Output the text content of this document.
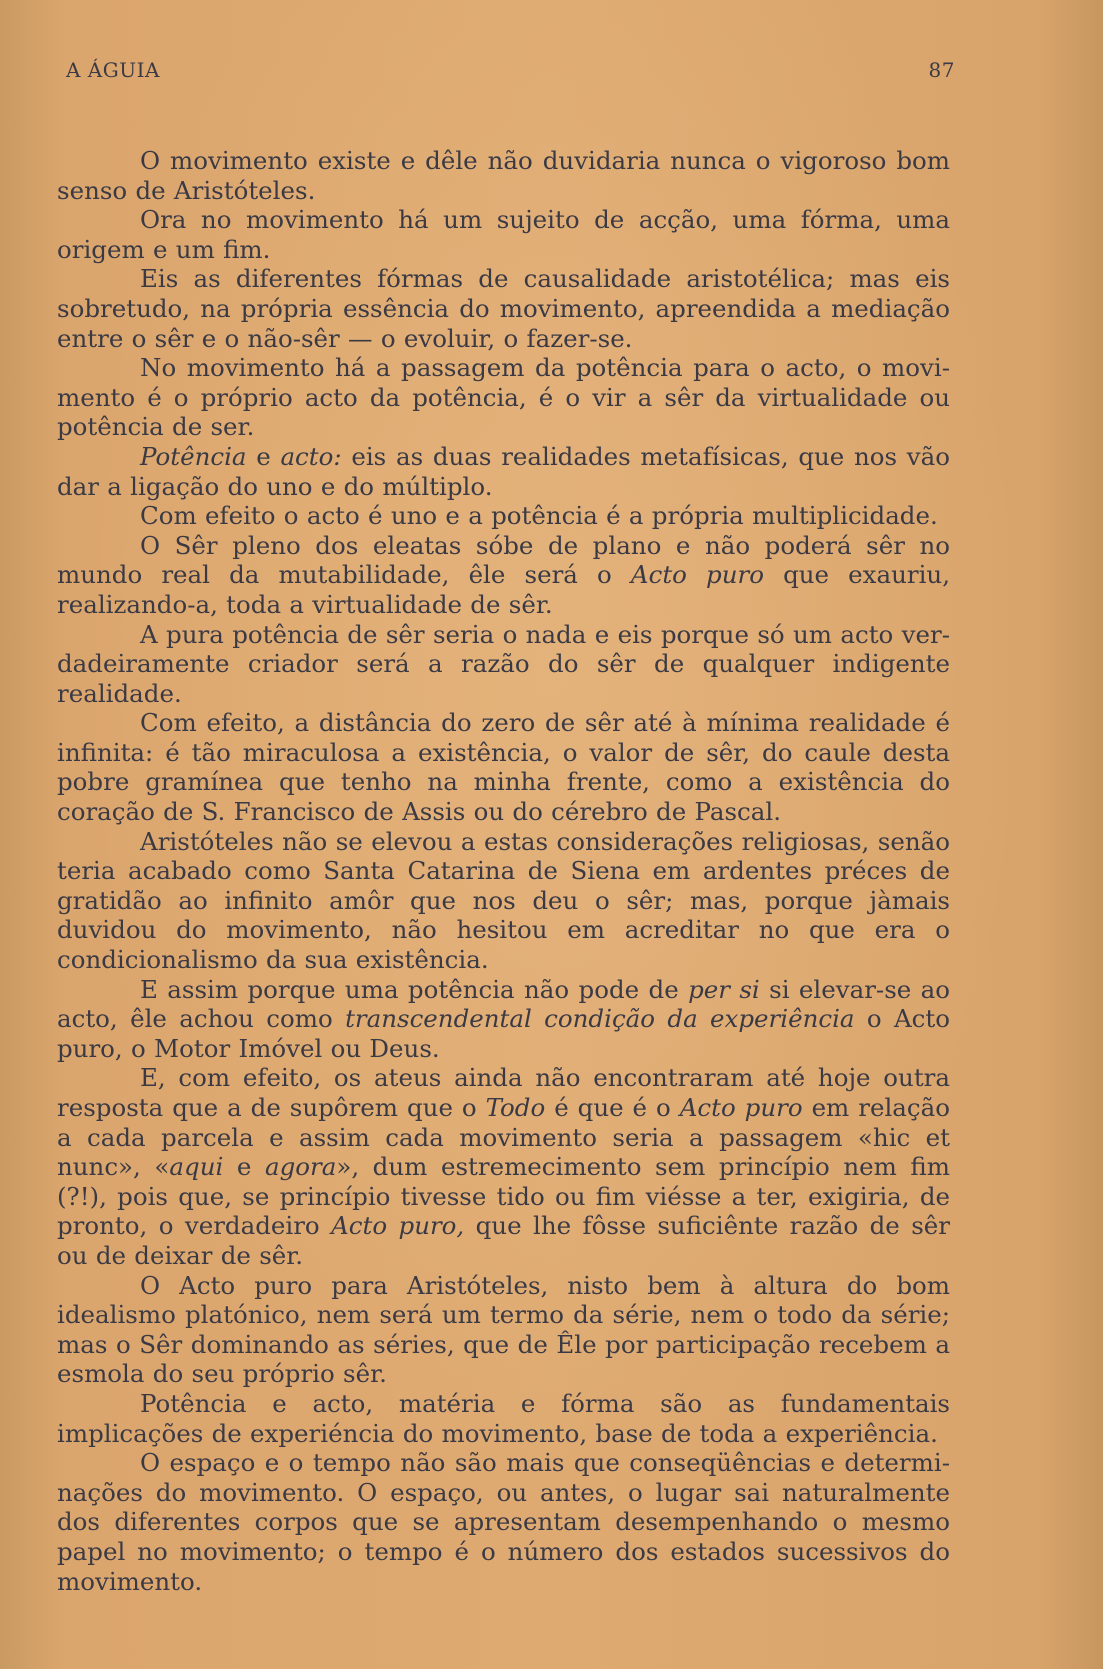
A ÁGUIA	87

O movimento existe e dêle não duvidaria nunca o vigoroso bom senso de Aristóteles.

Ora no movimento há um sujeito de acção, uma fórma, uma origem e um fim.

Eis as diferentes fórmas de causalidade aristotélica; mas eis sobretudo, na própria essência do movimento, apreendida a mediação entre o sêr e o não-sêr — o evoluir, o fazer-se.

No movimento há a passagem da potência para o acto, o movimento é o próprio acto da potência, é o vir a sêr da virtualidade ou potência de ser.

Potência e acto: eis as duas realidades metafísicas, que nos vão dar a ligação do uno e do múltiplo.

Com efeito o acto é uno e a potência é a própria multiplicidade.

O Sêr pleno dos eleatas sóbe de plano e não poderá sêr no mundo real da mutabilidade, êle será o Acto puro que exauriu, realizando-a, toda a virtualidade de sêr.

A pura potência de sêr seria o nada e eis porque só um acto verdadeiramente criador será a razão do sêr de qualquer indigente realidade.

Com efeito, a distância do zero de sêr até à mínima realidade é infinita: é tão miraculosa a existência, o valor de sêr, do caule desta pobre gramínea que tenho na minha frente, como a existência do coração de S. Francisco de Assis ou do cérebro de Pascal.

Aristóteles não se elevou a estas considerações religiosas, senão teria acabado como Santa Catarina de Siena em ardentes préces de gratidão ao infinito amôr que nos deu o sêr; mas, porque jàmais duvidou do movimento, não hesitou em acreditar no que era o condicionalismo da sua existência.

E assim porque uma potência não pode de per si si elevar-se ao acto, êle achou como transcendental condição da experiência o Acto puro, o Motor Imóvel ou Deus.

E, com efeito, os ateus ainda não encontraram até hoje outra resposta que a de supôrem que o Todo é que é o Acto puro em relação a cada parcela e assim cada movimento seria a passagem «hic et nunc», «aqui e agora», dum estremecimento sem princípio nem fim (?!), pois que, se princípio tivesse tido ou fim viésse a ter, exigiria, de pronto, o verdadeiro Acto puro, que lhe fôsse suficiênte razão de sêr ou de deixar de sêr.

O Acto puro para Aristóteles, nisto bem à altura do bom idealismo platónico, nem será um termo da série, nem o todo da série; mas o Sêr dominando as séries, que de Êle por participação recebem a esmola do seu próprio sêr.

Potência e acto, matéria e fórma são as fundamentais implicações de experiéncia do movimento, base de toda a experiência.

O espaço e o tempo não são mais que conseqüências e determinações do movimento. O espaço, ou antes, o lugar sai naturalmente dos diferentes corpos que se apresentam desempenhando o mesmo papel no movimento; o tempo é o número dos estados sucessivos do movimento.
